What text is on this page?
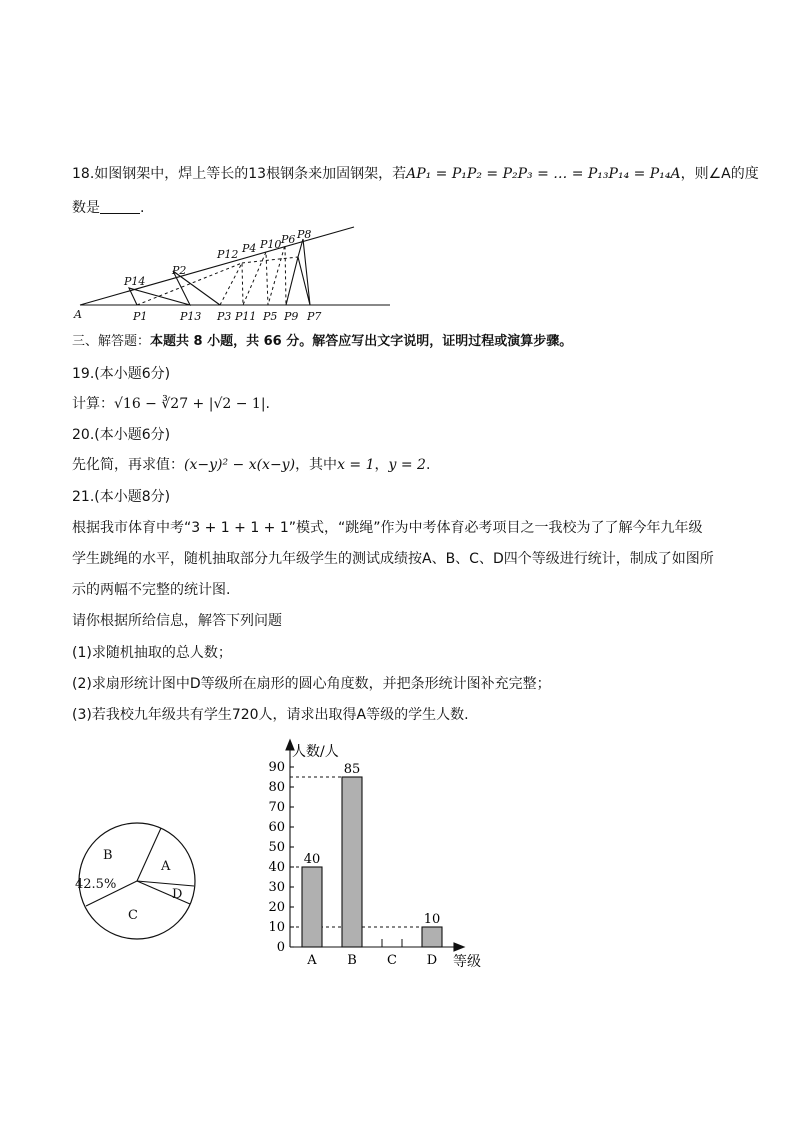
18.如图钢架中，焊上等长的13根钢条来加固钢架，若AP₁ = P₁P₂ = P₂P₃ = … = P₁₃P₁₄ = P₁₄A，则∠A的度
数是	.
A	P1
P2
P3
P4
P5
P6
P7
P8
P9
P10
P11
P12
P13
P14
三、解答题：本题共 8 小题，共 66 分。解答应写出文字说明，证明过程或演算步骤。
19.(本小题6分)
计算：√16 − ∛27 + |√2 − 1|.
20.(本小题6分)
先化简，再求值：(x−y)² − x(x−y)，其中x = 1，y = 2.
21.(本小题8分)
根据我市体育中考“3 + 1 + 1 + 1”模式，“跳绳”作为中考体育必考项目之一我校为了了解今年九年级
学生跳绳的水平，随机抽取部分九年级学生的测试成绩按A、B、C、D四个等级进行统计，制成了如图所
示的两幅不完整的统计图.
请你根据所给信息，解答下列问题
(1)求随机抽取的总人数；
(2)求扇形统计图中D等级所在扇形的圆心角度数，并把条形统计图补充完整；
(3)若我校九年级共有学生720人，请求出取得A等级的学生人数.
A
B
42.5%
C
D
0
10
20
30
40
50
60
70
80
90
A B C D
40
85
10
人数/人
等级
